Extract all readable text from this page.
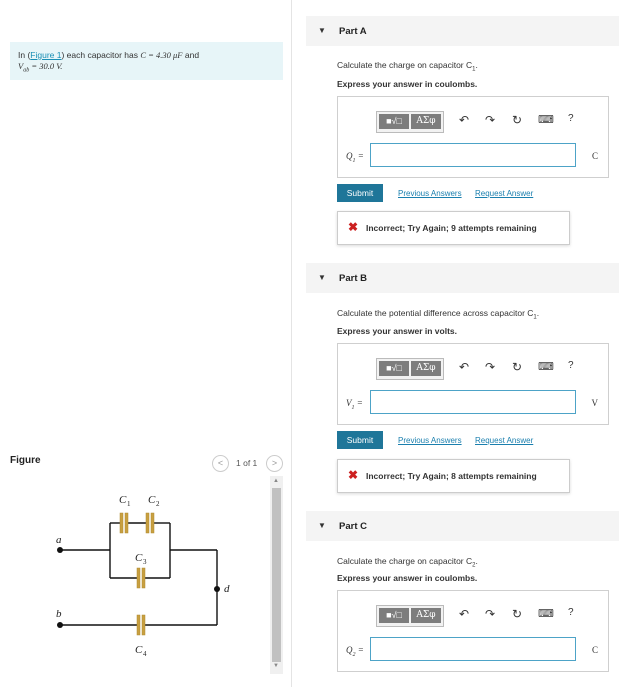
In (Figure 1) each capacitor has C = 4.30 μF and
$V_{ab} = 30.0$ V.
Figure	<	1 of 1	>
▲
▼
a
b
d
C 1 C 2
C 3
C 4
▼ Part A
Calculate the charge on capacitor $C_1$.
Express your answer in coulombs.
■√□	ΑΣφ	↶ ↷ ↻ ⌨ ?
$Q_1$ =	C
Submit	Previous Answers Request Answer
✖ Incorrect; Try Again; 9 attempts remaining
▼ Part B
Calculate the potential difference across capacitor $C_1$.
Express your answer in volts.
■√□	ΑΣφ	↶ ↷ ↻ ⌨ ?
$V_1$ =	V
Submit	Previous Answers Request Answer
✖ Incorrect; Try Again; 8 attempts remaining
▼ Part C
Calculate the charge on capacitor $C_2$.
Express your answer in coulombs.
■√□	ΑΣφ	↶ ↷ ↻ ⌨ ?
$Q_2$ =	C
